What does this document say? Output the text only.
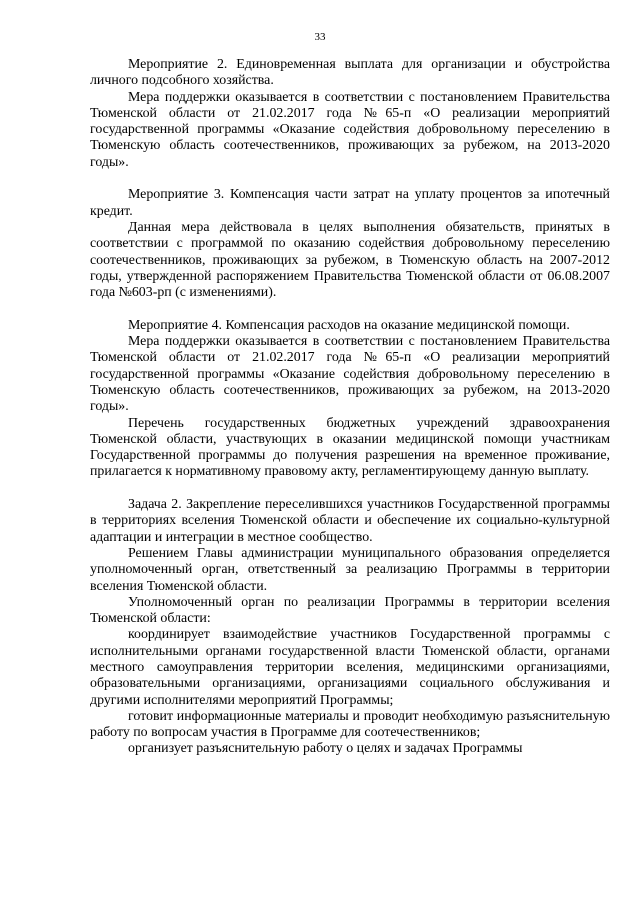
33

Мероприятие 2. Единовременная выплата для организации и обустройства личного подсобного хозяйства.

Мера поддержки оказывается в соответствии с постановлением Правительства Тюменской области от 21.02.2017 года №65-п «О реализации мероприятий государственной программы «Оказание содействия добровольному переселению в Тюменскую область соотечественников, проживающих за рубежом, на 2013-2020 годы».

Мероприятие 3. Компенсация части затрат на уплату процентов за ипотечный кредит.

Данная мера действовала в целях выполнения обязательств, принятых в соответствии с программой по оказанию содействия добровольному переселению соотечественников, проживающих за рубежом, в Тюменскую область на 2007-2012 годы, утвержденной распоряжением Правительства Тюменской области от 06.08.2007 года №603-рп (с изменениями).

Мероприятие 4. Компенсация расходов на оказание медицинской помощи.

Мера поддержки оказывается в соответствии с постановлением Правительства Тюменской области от 21.02.2017 года №65-п «О реализации мероприятий государственной программы «Оказание содействия добровольному переселению в Тюменскую область соотечественников, проживающих за рубежом, на 2013-2020 годы».

Перечень государственных бюджетных учреждений здравоохранения Тюменской области, участвующих в оказании медицинской помощи участникам Государственной программы до получения разрешения на временное проживание, прилагается к нормативному правовому акту, регламентирующему данную выплату.

Задача 2. Закрепление переселившихся участников Государственной программы в территориях вселения Тюменской области и обеспечение их социально-культурной адаптации и интеграции в местное сообщество.

Решением Главы администрации муниципального образования определяется уполномоченный орган, ответственный за реализацию Программы в территории вселения Тюменской области.

Уполномоченный орган по реализации Программы в территории вселения Тюменской области:

координирует взаимодействие участников Государственной программы с исполнительными органами государственной власти Тюменской области, органами местного самоуправления территории вселения, медицинскими организациями, образовательными организациями, организациями социального обслуживания и другими исполнителями мероприятий Программы;

готовит информационные материалы и проводит необходимую разъяснительную работу по вопросам участия в Программе для соотечественников;

организует разъяснительную работу о целях и задачах Программы
